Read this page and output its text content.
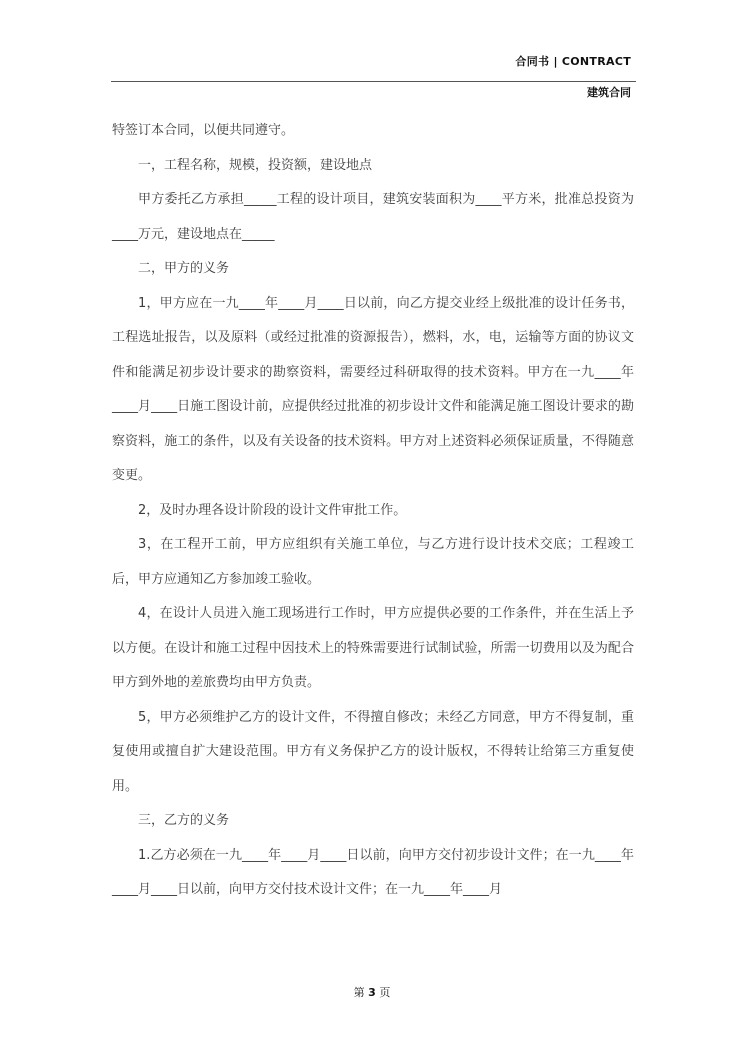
合同书 | CONTRACT
建筑合同

特签订本合同，以便共同遵守。

一，工程名称，规模，投资额，建设地点

甲方委托乙方承担_____工程的设计项目，建筑安装面积为____平方米，批准总投资为____万元，建设地点在_____

二，甲方的义务

1，甲方应在一九____年____月____日以前，向乙方提交业经上级批准的设计任务书，工程选址报告，以及原料（或经过批准的资源报告），燃料，水，电，运输等方面的协议文件和能满足初步设计要求的勘察资料，需要经过科研取得的技术资料。甲方在一九____年____月____日施工图设计前，应提供经过批准的初步设计文件和能满足施工图设计要求的勘察资料，施工的条件，以及有关设备的技术资料。甲方对上述资料必须保证质量，不得随意变更。

2，及时办理各设计阶段的设计文件审批工作。

3，在工程开工前，甲方应组织有关施工单位，与乙方进行设计技术交底；工程竣工后，甲方应通知乙方参加竣工验收。

4，在设计人员进入施工现场进行工作时，甲方应提供必要的工作条件，并在生活上予以方便。在设计和施工过程中因技术上的特殊需要进行试制试验，所需一切费用以及为配合甲方到外地的差旅费均由甲方负责。

5，甲方必须维护乙方的设计文件，不得擅自修改；未经乙方同意，甲方不得复制，重复使用或擅自扩大建设范围。甲方有义务保护乙方的设计版权，不得转让给第三方重复使用。

三，乙方的义务

1.乙方必须在一九____年____月____日以前，向甲方交付初步设计文件；在一九____年____月____日以前，向甲方交付技术设计文件；在一九____年____月

第 3 页
